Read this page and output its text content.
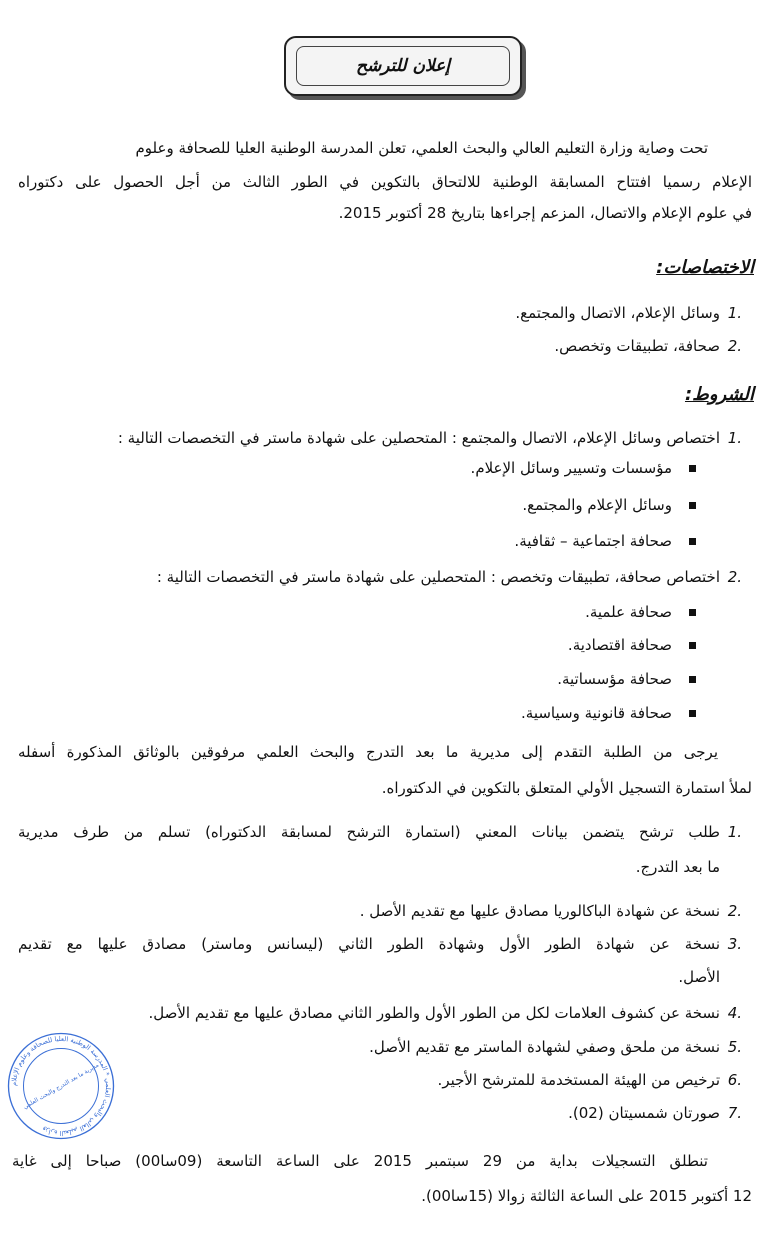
إعلان للترشح
تحت وصاية وزارة التعليم العالي والبحث العلمي، تعلن المدرسة الوطنية العليا للصحافة وعلوم
الإعلام رسميا افتتاح المسابقة الوطنية للالتحاق بالتكوين في الطور الثالث من أجل الحصول على دكتوراه
في علوم الإعلام والاتصال، المزعم إجراءها بتاريخ 28 أكتوبر 2015.
الاختصاصات:
1.
وسائل الإعلام، الاتصال والمجتمع.
2.
صحافة، تطبيقات وتخصص.
الشروط:
1.
اختصاص وسائل الإعلام، الاتصال والمجتمع : المتحصلين على شهادة ماستر في التخصصات التالية :
مؤسسات وتسيير وسائل الإعلام.
وسائل الإعلام والمجتمع.
صحافة اجتماعية – ثقافية.
2.
اختصاص صحافة، تطبيقات وتخصص : المتحصلين على شهادة ماستر في التخصصات التالية :
صحافة علمية.
صحافة اقتصادية.
صحافة مؤسساتية.
صحافة قانونية وسياسية.
يرجى من الطلبة التقدم إلى مديرية ما بعد التدرج والبحث العلمي مرفوقين بالوثائق المذكورة أسفله
لملأ استمارة التسجيل الأولي المتعلق بالتكوين في الدكتوراه.
1.
طلب ترشح يتضمن بيانات المعني (استمارة الترشح لمسابقة الدكتوراه) تسلم من طرف مديرية
ما بعد التدرج.
2.
نسخة عن شهادة الباكالوريا مصادق عليها مع تقديم الأصل .
3.
نسخة عن شهادة الطور الأول وشهادة الطور الثاني (ليسانس وماستر) مصادق عليها مع تقديم
الأصل.
4.
نسخة عن كشوف العلامات لكل من الطور الأول والطور الثاني مصادق عليها مع تقديم الأصل.
5.
نسخة من ملحق وصفي لشهادة الماستر مع تقديم الأصل.
6.
ترخيص من الهيئة المستخدمة للمترشح الأجير.
7.
صورتان شمسيتان (02).
تنطلق التسجيلات بداية من 29 سبتمبر 2015 على الساعة التاسعة (09سا00) صباحا إلى غاية
12 أكتوبر 2015 على الساعة الثالثة زوالا (15سا00).
وزارة التعليم العالي والبحث العلمي * المدرسة الوطنية العليا للصحافة وعلوم الإعلام
مديرية ما بعد التدرج والبحث العلمي
